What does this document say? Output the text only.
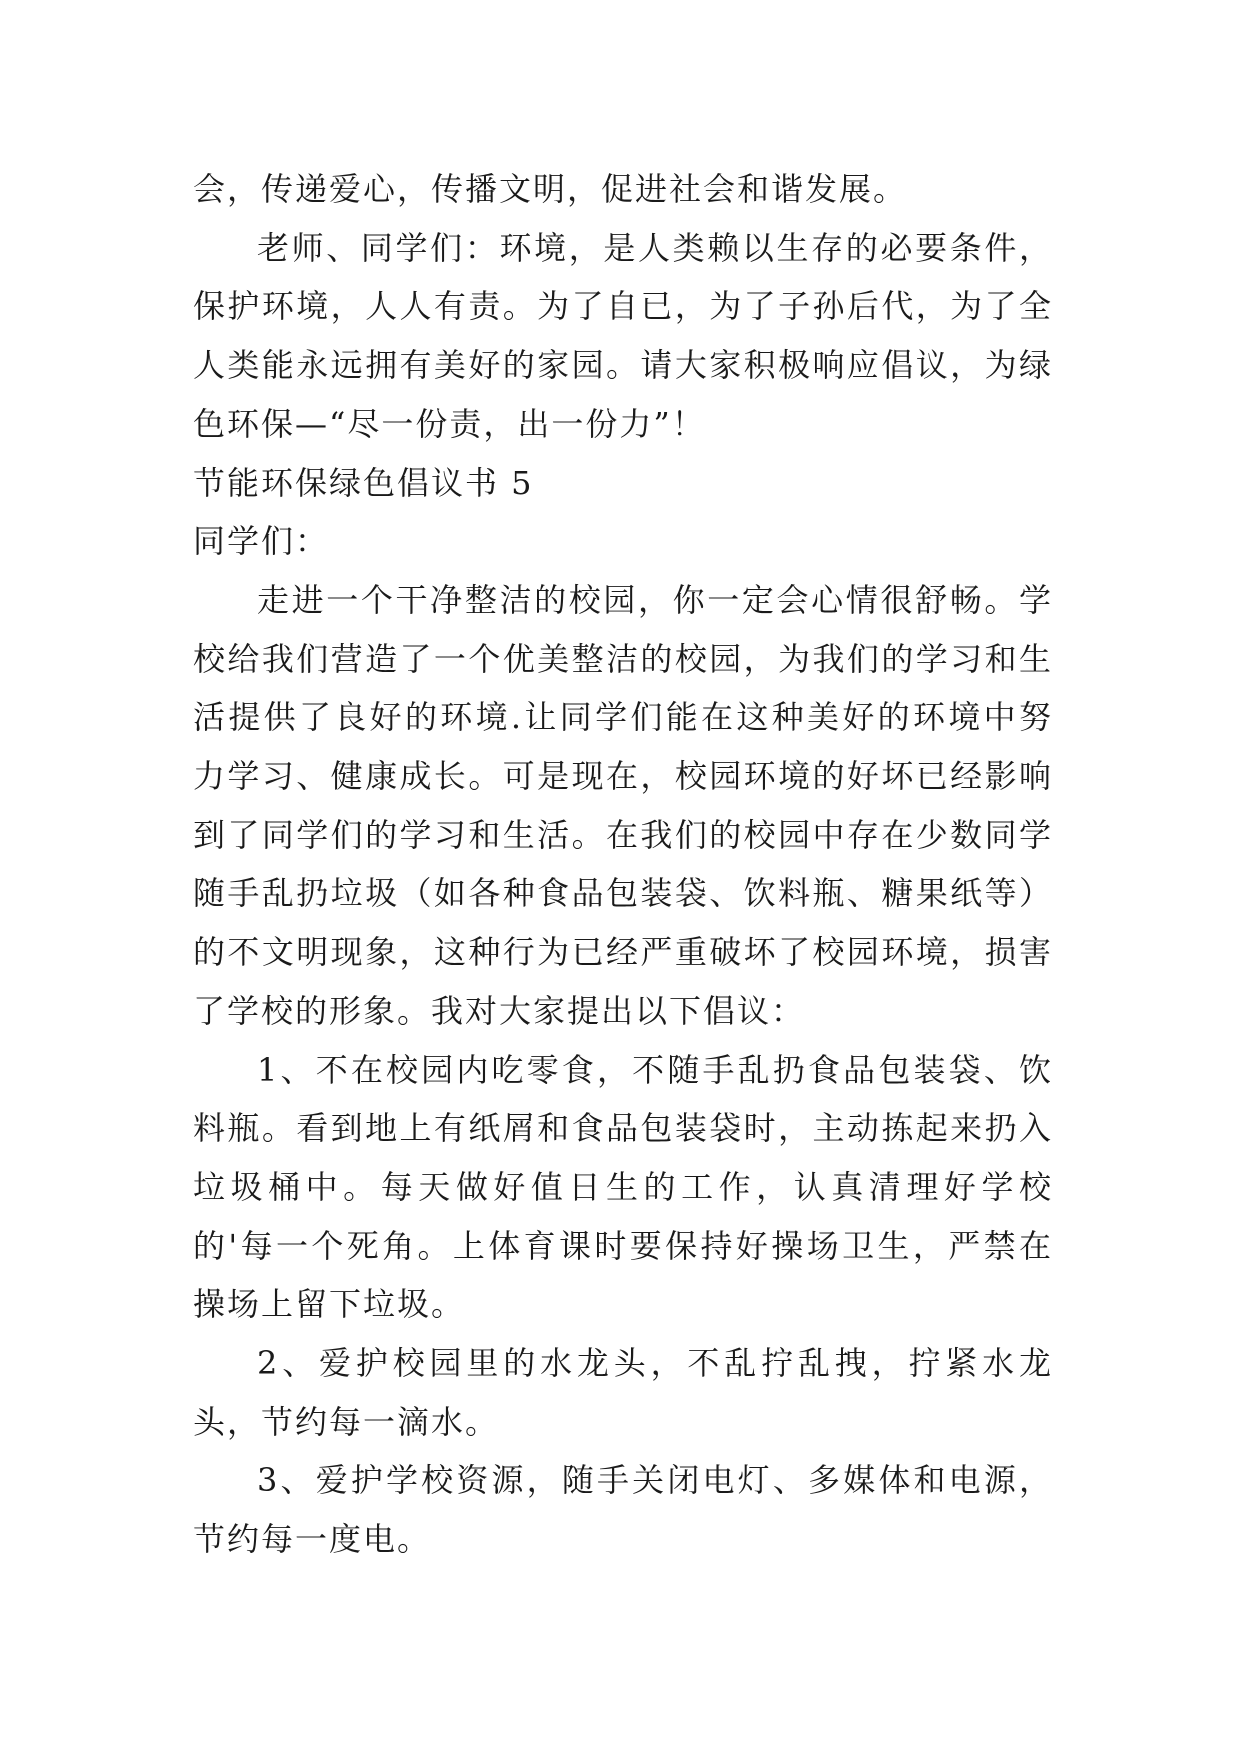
会，传递爱心，传播文明，促进社会和谐发展。

老师、同学们：环境，是人类赖以生存的必要条件，保护环境，人人有责。为了自已，为了子孙后代，为了全人类能永远拥有美好的家园。请大家积极响应倡议，为绿色环保—“尽一份责，出一份力”！

节能环保绿色倡议书 5

同学们：

走进一个干净整洁的校园，你一定会心情很舒畅。学校给我们营造了一个优美整洁的校园，为我们的学习和生活提供了良好的环境.让同学们能在这种美好的环境中努力学习、健康成长。可是现在，校园环境的好坏已经影响到了同学们的学习和生活。在我们的校园中存在少数同学随手乱扔垃圾（如各种食品包装袋、饮料瓶、糖果纸等）的不文明现象，这种行为已经严重破坏了校园环境，损害了学校的形象。我对大家提出以下倡议：

1、不在校园内吃零食，不随手乱扔食品包装袋、饮料瓶。看到地上有纸屑和食品包装袋时，主动拣起来扔入垃圾桶中。每天做好值日生的工作，认真清理好学校的'每一个死角。上体育课时要保持好操场卫生，严禁在操场上留下垃圾。

2、爱护校园里的水龙头，不乱拧乱拽，拧紧水龙头，节约每一滴水。

3、爱护学校资源，随手关闭电灯、多媒体和电源，节约每一度电。
